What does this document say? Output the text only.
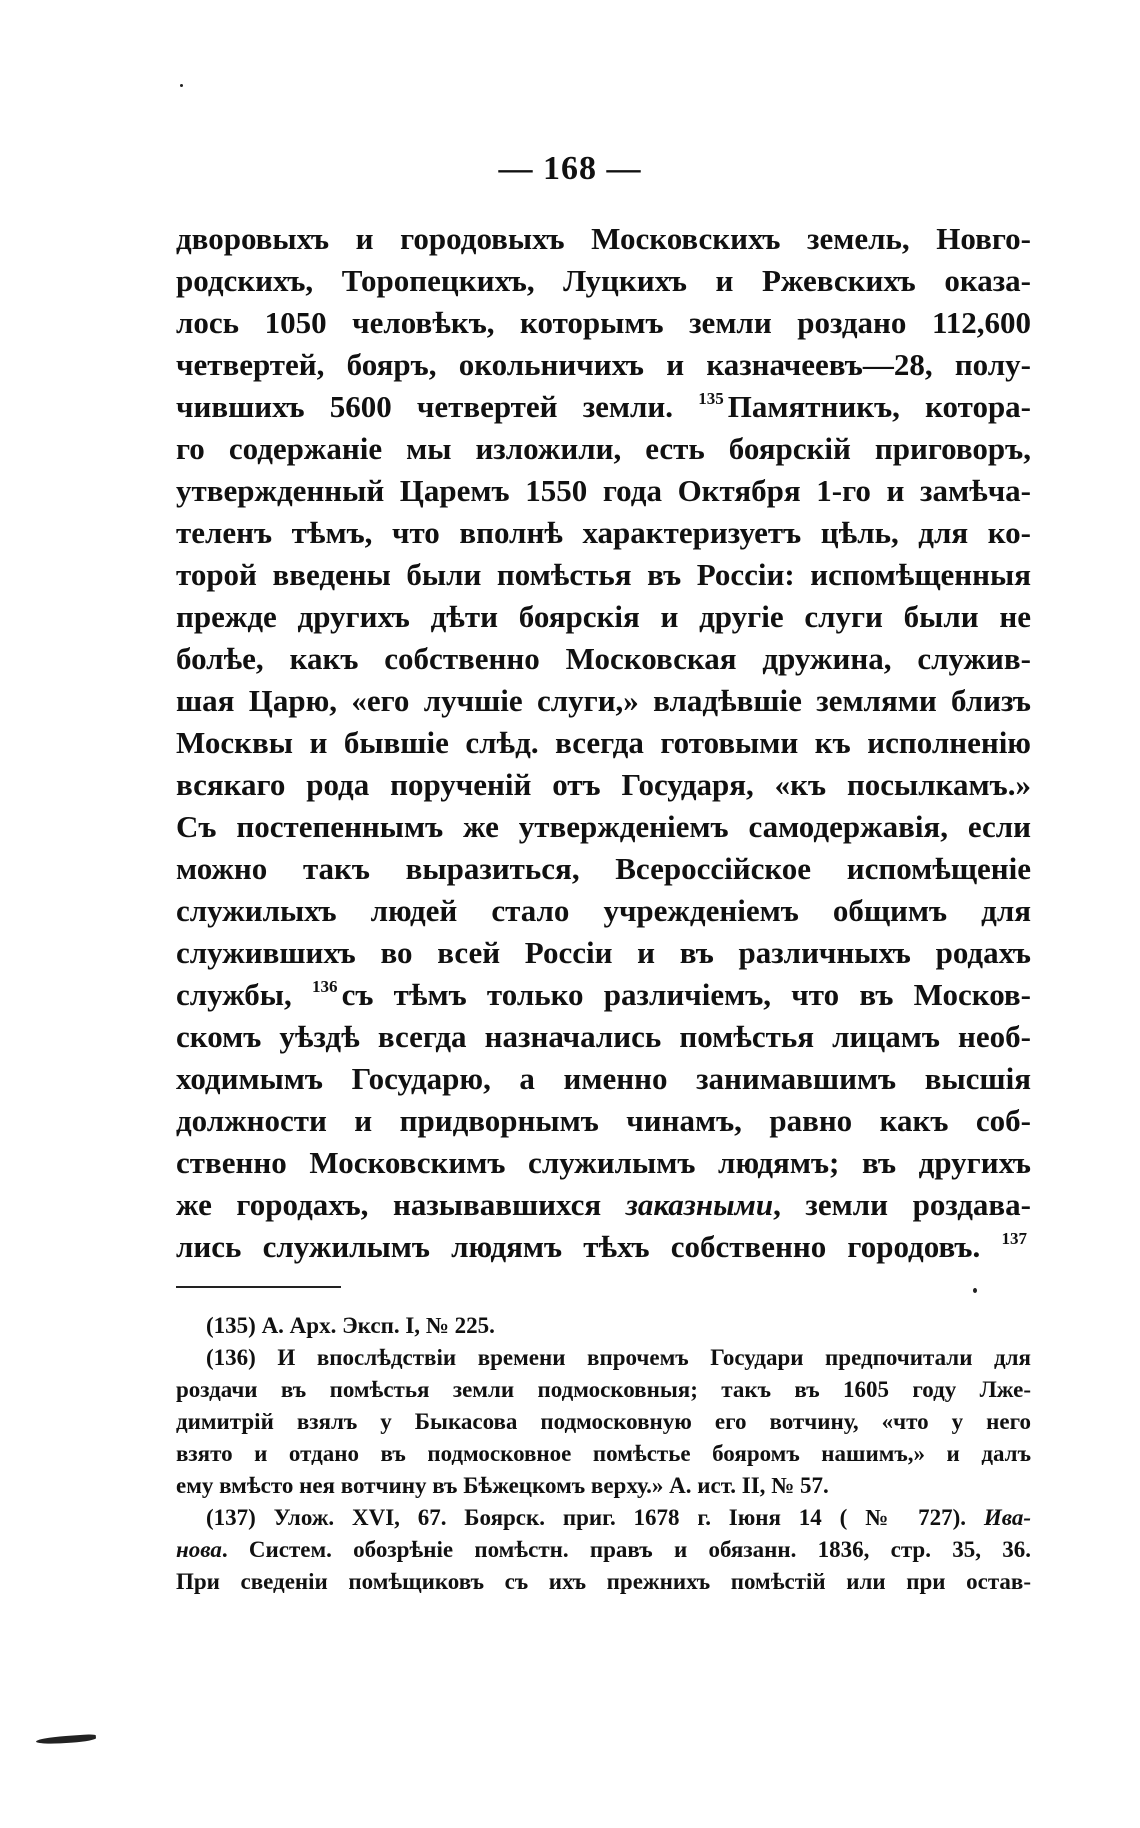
— 168 —
дворовыхъ и городовыхъ Московскихъ земель, Новго-
родскихъ, Торопецкихъ, Луцкихъ и Ржевскихъ оказа-
лось 1050 человѣкъ, которымъ земли роздано 112,600
четвертей, бояръ, окольничихъ и казначеевъ—28, полу-
чившихъ 5600 четвертей земли. $^{135}$ Памятникъ, котора-
го содержаніе мы изложили, есть боярскій приговоръ,
утвержденный Царемъ 1550 года Октября 1-го и замѣча-
теленъ тѣмъ, что вполнѣ характеризуетъ цѣль, для ко-
торой введены были помѣстья въ Россіи: испомѣщенныя
прежде другихъ дѣти боярскія и другіе слуги были не
болѣе, какъ собственно Московская дружина, служив-
шая Царю, «его лучшіе слуги,» владѣвшіе землями близъ
Москвы и бывшіе слѣд. всегда готовыми къ исполненію
всякаго рода порученій отъ Государя, «къ посылкамъ.»
Съ постепеннымъ же утвержденіемъ самодержавія, если
можно такъ выразиться, Всероссійское испомѣщеніе
служилыхъ людей стало учрежденіемъ общимъ для
служившихъ во всей Россіи и въ различныхъ родахъ
службы, $^{136}$ съ тѣмъ только различіемъ, что въ Москов-
скомъ уѣздѣ всегда назначались помѣстья лицамъ необ-
ходимымъ Государю, а именно занимавшимъ высшія
должности и придворнымъ чинамъ, равно какъ соб-
ственно Московскимъ служилымъ людямъ; въ другихъ
же городахъ, называвшихся заказными, земли роздава-
лись служилымъ людямъ тѣхъ собственно городовъ. $^{137}$
(135) А. Арх. Эксп. I, № 225.
(136) И впослѣдствіи времени впрочемъ Государи предпочитали для
роздачи въ помѣстья земли подмосковныя; такъ въ 1605 году Лже-
димитрій взялъ у Быкасова подмосковную его вотчину, «что у него
взято и отдано въ подмосковное помѣстье бояромъ нашимъ,» и далъ
ему вмѣсто нея вотчину въ Бѣжецкомъ верху.» А. ист. II, № 57.
(137) Улож. XVI, 67. Боярск. приг. 1678 г. Іюня 14 ( № 727). Ива-
нова. Систем. обозрѣніе помѣстн. правъ и обязанн. 1836, стр. 35, 36.
При сведеніи помѣщиковъ съ ихъ прежнихъ помѣстій или при остав-
